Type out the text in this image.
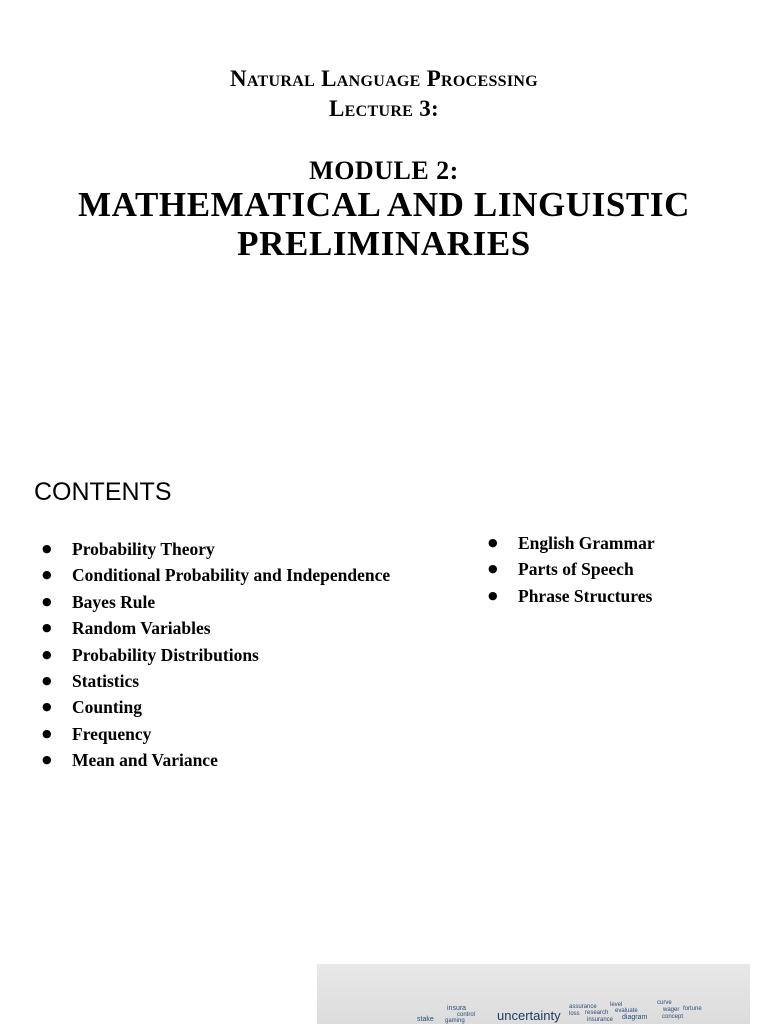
Natural Language Processing
Lecture 3:
MODULE 2:
MATHEMATICAL AND LINGUISTIC
PRELIMINARIES
CONTENTS
●	Probability Theory
●	Conditional Probability and Independence
●	Bayes Rule
●	Random Variables
●	Probability Distributions
●	Statistics
●	Counting
●	Frequency
●	Mean and Variance
●	English Grammar
●	Parts of Speech
●	Phrase Structures
insura
control
gaming
stake	uncertainty
assurance
loss research
insurance
level
evaluate
diagram
curve
wager
concept
fortune
